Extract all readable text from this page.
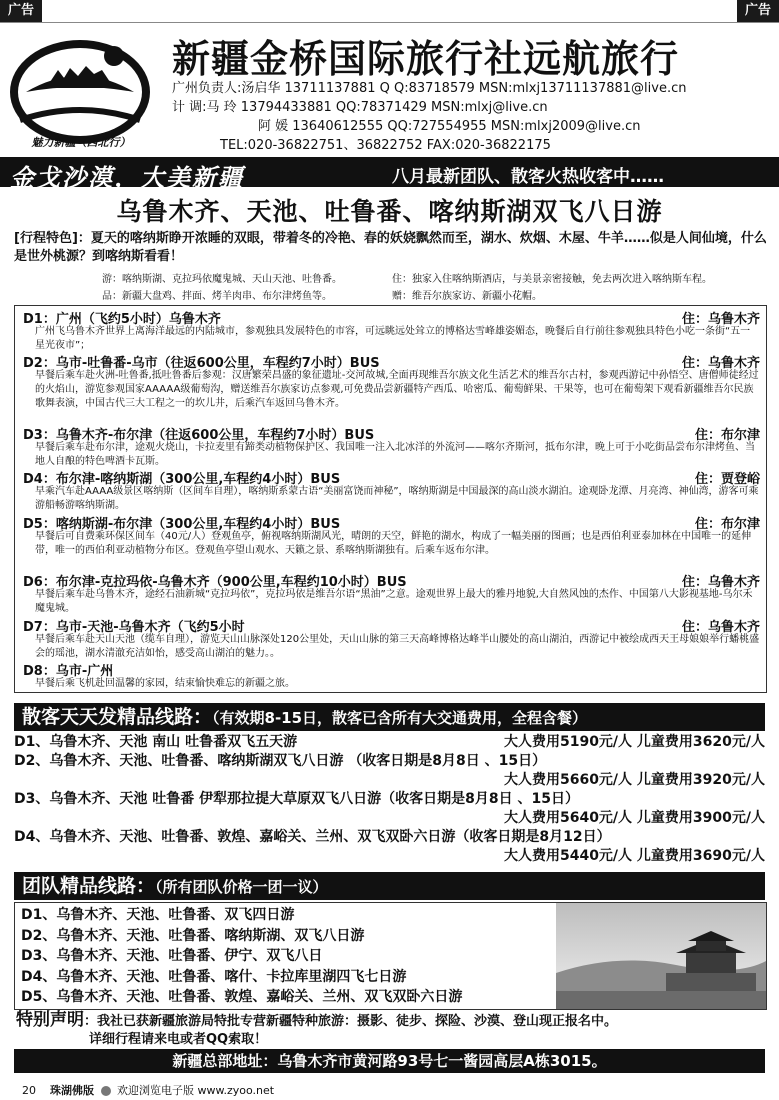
广告	广告
魅力新疆（西北行）
新疆金桥国际旅行社远航旅行
广州负责人:汤启华 13711137881 Q Q:83718579 MSN:mlxj13711137881@live.cn
计 调:马 玲 13794433881 QQ:78371429 MSN:mlxj@live.cn
阿 媛 13640612555 QQ:727554955 MSN:mlxj2009@live.cn
TEL:020-36822751、36822752 FAX:020-36822175
金戈沙漠，大美新疆	八月最新团队、散客火热收客中……
乌鲁木齐、天池、吐鲁番、喀纳斯湖双飞八日游
[行程特色]：夏天的喀纳斯睁开浓睡的双眼，带着冬的冷艳、春的妖娆飘然而至，湖水、炊烟、木屋、牛羊……似是人间仙境，什么是世外桃源？到喀纳斯看看！
游：喀纳斯湖、克拉玛依魔鬼城、天山天池、吐鲁番。	住：独家入住喀纳斯酒店，与美景亲密接触，免去两次进入喀纳斯车程。
品：新疆大盘鸡、拌面、烤羊肉串、布尔津烤鱼等。	赠：维吾尔族家访、新疆小花帽。
D1：广州（飞约5小时）乌鲁木齐	住：乌鲁木齐
广州飞乌鲁木齐世界上离海洋最远的内陆城市，参观独具发展特色的市容，可远眺远处耸立的博格达雪峰雄姿媚态，晚餐后自行前往参观独具特色小吃一条街“五一星光夜市”；
D2：乌市-吐鲁番-乌市（往返600公里，车程约7小时）BUS	住：乌鲁木齐
早餐后乘车赴火洲-吐鲁番,抵吐鲁番后参观：汉唐繁荣昌盛的象征遗址-交河故城,全面再现维吾尔族文化生活艺术的维吾尔古村，参观西游记中孙悟空、唐僧师徒经过的火焰山，游览参观国家AAAAA级葡萄沟，赠送维吾尔族家访点参观,可免费品尝新疆特产西瓜、哈密瓜、葡萄鲜果、干果等，也可在葡萄架下观看新疆维吾尔民族歌舞表演，中国古代三大工程之一的坎儿井，后乘汽车返回乌鲁木齐。
D3：乌鲁木齐-布尔津（往返600公里，车程约7小时）BUS	住：布尔津
早餐后乘车赴布尔津，途观火烧山，卡拉麦里有蹄类动植物保护区、我国唯一注入北冰洋的外流河——喀尔齐斯河，抵布尔津，晚上可于小吃街品尝布尔津烤鱼、当地人自酿的特色啤酒卡瓦斯。
D4：布尔津-喀纳斯湖（300公里,车程约4小时）BUS	住：贾登峪
早乘汽车赴AAAA级景区喀纳斯（区间车自理），喀纳斯系蒙古语“美丽富饶而神秘”，喀纳斯湖是中国最深的高山淡水湖泊。途观卧龙潭、月亮湾、神仙湾，游客可乘游船畅游喀纳斯湖。
D5：喀纳斯湖-布尔津（300公里,车程约4小时）BUS	住：布尔津
早餐后可自费乘环保区间车（40元/人）登观鱼亭，俯视喀纳斯湖风光，晴朗的天空，鲜艳的湖水，构成了一幅美丽的图画；也是西伯利亚泰加林在中国唯一的延伸带，唯一的西伯利亚动植物分布区。登观鱼亭望山观水、天籁之景、系喀纳斯湖独有。后乘车返布尔津。
D6：布尔津-克拉玛依-乌鲁木齐（900公里,车程约10小时）BUS	住：乌鲁木齐
早餐后乘车赴乌鲁木齐，途经石油新城“克拉玛依”，克拉玛依是维吾尔语“黑油”之意。途观世界上最大的雅丹地貌,大自然风蚀的杰作、中国第八大影视基地-乌尔禾魔鬼城。
D7：乌市-天池-乌鲁木齐（飞约5小时	住：乌鲁木齐
早餐后乘车赴天山天池（缆车自理），游览天山山脉深处120公里处，天山山脉的第三天高峰博格达峰半山腰处的高山湖泊，西游记中被绘成西天王母娘娘举行蟠桃盛会的瑶池，湖水清澈充洁如怡，感受高山湖泊的魅力。。
D8：乌市-广州
早餐后乘飞机赴回温馨的家园，结束愉快难忘的新疆之旅。
散客天天发精品线路：（有效期8-15日，散客已含所有大交通费用，全程含餐）
D1、乌鲁木齐、天池 南山 吐鲁番双飞五天游	大人费用5190元/人 儿童费用3620元/人
D2、乌鲁木齐、天池、吐鲁番、喀纳斯湖双飞八日游 （收客日期是8月8日 、15日）
大人费用5660元/人 儿童费用3920元/人
D3、乌鲁木齐、天池 吐鲁番 伊犁那拉提大草原双飞八日游（收客日期是8月8日 、15日）
大人费用5640元/人 儿童费用3900元/人
D4、乌鲁木齐、天池、吐鲁番、敦煌、嘉峪关、兰州、双飞双卧六日游（收客日期是8月12日）
大人费用5440元/人 儿童费用3690元/人
团队精品线路：（所有团队价格一团一议）
D1、乌鲁木齐、天池、吐鲁番、双飞四日游
D2、乌鲁木齐、天池、吐鲁番、喀纳斯湖、双飞八日游
D3、乌鲁木齐、天池、吐鲁番、伊宁、双飞八日
D4、乌鲁木齐、天池、吐鲁番、喀什、卡拉库里湖四飞七日游
D5、乌鲁木齐、天池、吐鲁番、敦煌、嘉峪关、兰州、双飞双卧六日游
特别声明：我社已获新疆旅游局特批专营新疆特种旅游：摄影、徒步、探险、沙漠、登山现正报名中。
详细行程请来电或者QQ索取！
新疆总部地址：乌鲁木齐市黄河路93号七一酱园高层A栋3015。
20 珠湖佛版 欢迎浏览电子版 www.zyoo.net
